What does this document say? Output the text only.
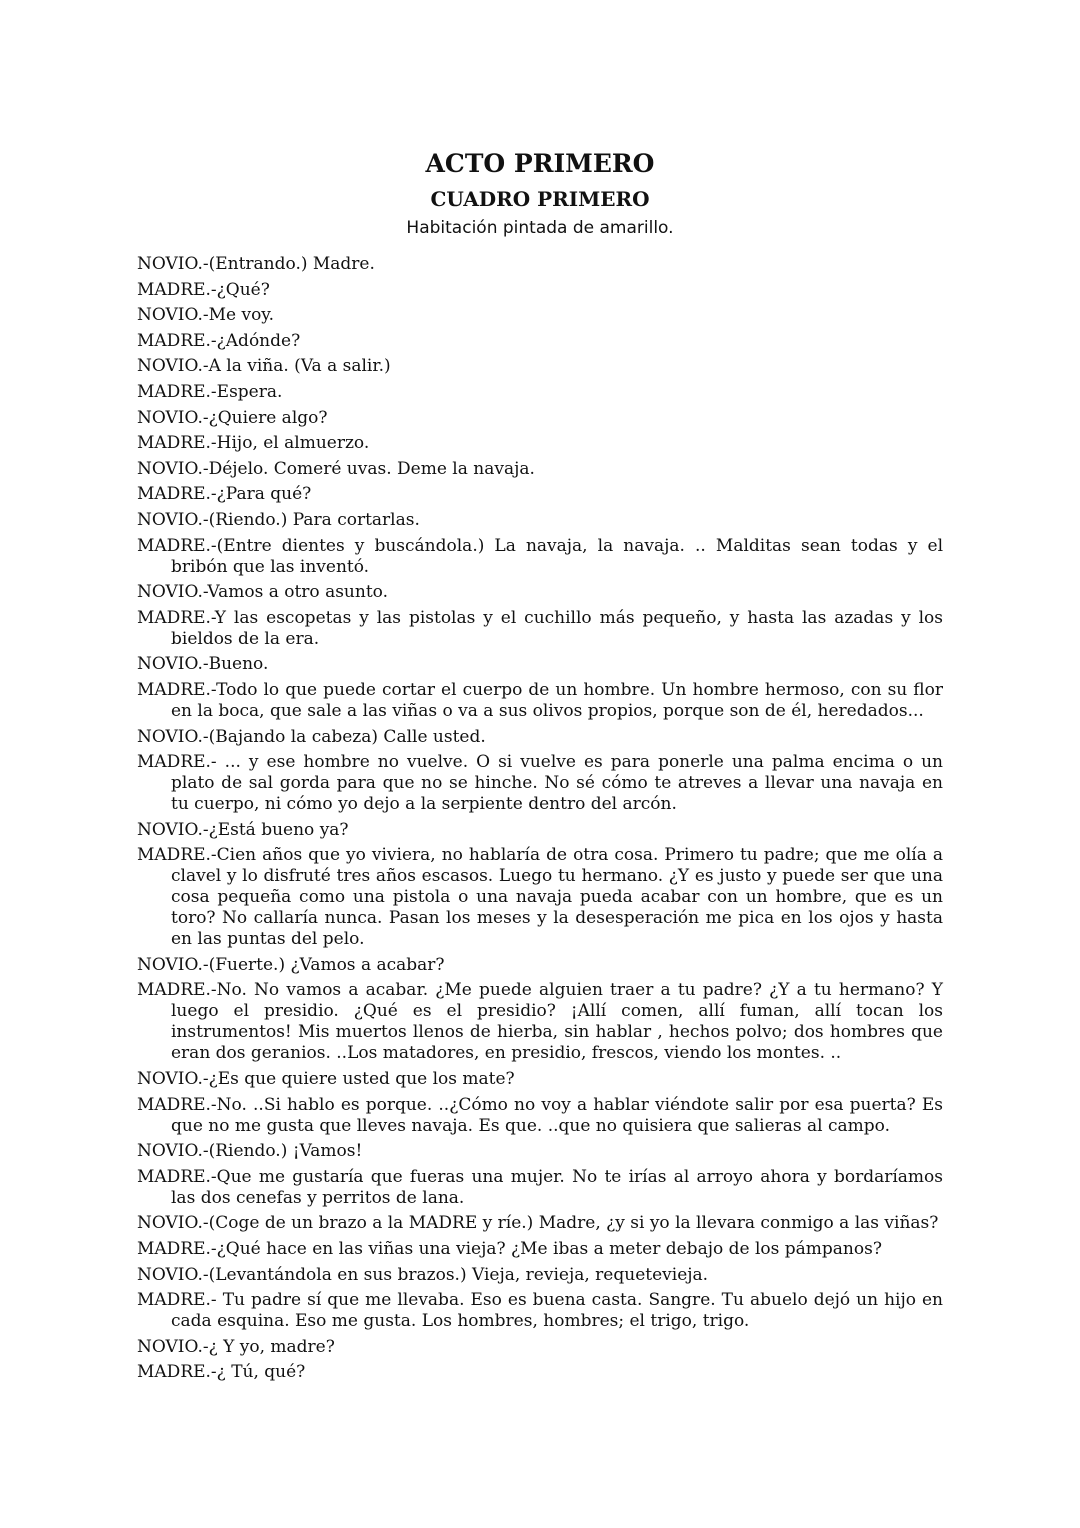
ACTO PRIMERO
CUADRO PRIMERO
Habitación pintada de amarillo.
NOVIO.-(Entrando.) Madre.
MADRE.-¿Qué?
NOVIO.-Me voy.
MADRE.-¿Adónde?
NOVIO.-A la viña. (Va a salir.)
MADRE.-Espera.
NOVIO.-¿Quiere algo?
MADRE.-Hijo, el almuerzo.
NOVIO.-Déjelo. Comeré uvas. Deme la navaja.
MADRE.-¿Para qué?
NOVIO.-(Riendo.) Para cortarlas.
MADRE.-(Entre dientes y buscándola.) La navaja, la navaja. .. Malditas sean todas y el bribón que las inventó.
NOVIO.-Vamos a otro asunto.
MADRE.-Y las escopetas y las pistolas y el cuchillo más pequeño, y hasta las azadas y los bieldos de la era.
NOVIO.-Bueno.
MADRE.-Todo lo que puede cortar el cuerpo de un hombre. Un hombre hermoso, con su flor en la boca, que sale a las viñas o va a sus olivos propios, porque son de él, heredados...
NOVIO.-(Bajando la cabeza) Calle usted.
MADRE.- ... y ese hombre no vuelve. O si vuelve es para ponerle una palma encima o un plato de sal gorda para que no se hinche. No sé cómo te atreves a llevar una navaja en tu cuerpo, ni cómo yo dejo a la serpiente dentro del arcón.
NOVIO.-¿Está bueno ya?
MADRE.-Cien años que yo viviera, no hablaría de otra cosa. Primero tu padre; que me olía a clavel y lo disfruté tres años escasos. Luego tu hermano. ¿Y es justo y puede ser que una cosa pequeña como una pistola o una navaja pueda acabar con un hombre, que es un toro? No callaría nunca. Pasan los meses y la desesperación me pica en los ojos y hasta en las puntas del pelo.
NOVIO.-(Fuerte.) ¿Vamos a acabar?
MADRE.-No. No vamos a acabar. ¿Me puede alguien traer a tu padre? ¿Y a tu hermano? Y luego el presidio. ¿Qué es el presidio? ¡Allí comen, allí fuman, allí tocan los instrumentos! Mis muertos llenos de hierba, sin hablar , hechos polvo; dos hombres que eran dos geranios. ..Los matadores, en presidio, frescos, viendo los montes. ..
NOVIO.-¿Es que quiere usted que los mate?
MADRE.-No. ..Si hablo es porque. ..¿Cómo no voy a hablar viéndote salir por esa puerta? Es que no me gusta que lleves navaja. Es que. ..que no quisiera que salieras al campo.
NOVIO.-(Riendo.) ¡Vamos!
MADRE.-Que me gustaría que fueras una mujer. No te irías al arroyo ahora y bordaríamos las dos cenefas y perritos de lana.
NOVIO.-(Coge de un brazo a la MADRE y ríe.) Madre, ¿y si yo la llevara conmigo a las viñas?
MADRE.-¿Qué hace en las viñas una vieja? ¿Me ibas a meter debajo de los pámpanos?
NOVIO.-(Levantándola en sus brazos.) Vieja, revieja, requetevieja.
MADRE.- Tu padre sí que me llevaba. Eso es buena casta. Sangre. Tu abuelo dejó un hijo en cada esquina. Eso me gusta. Los hombres, hombres; el trigo, trigo.
NOVIO.-¿ Y yo, madre?
MADRE.-¿ Tú, qué?
